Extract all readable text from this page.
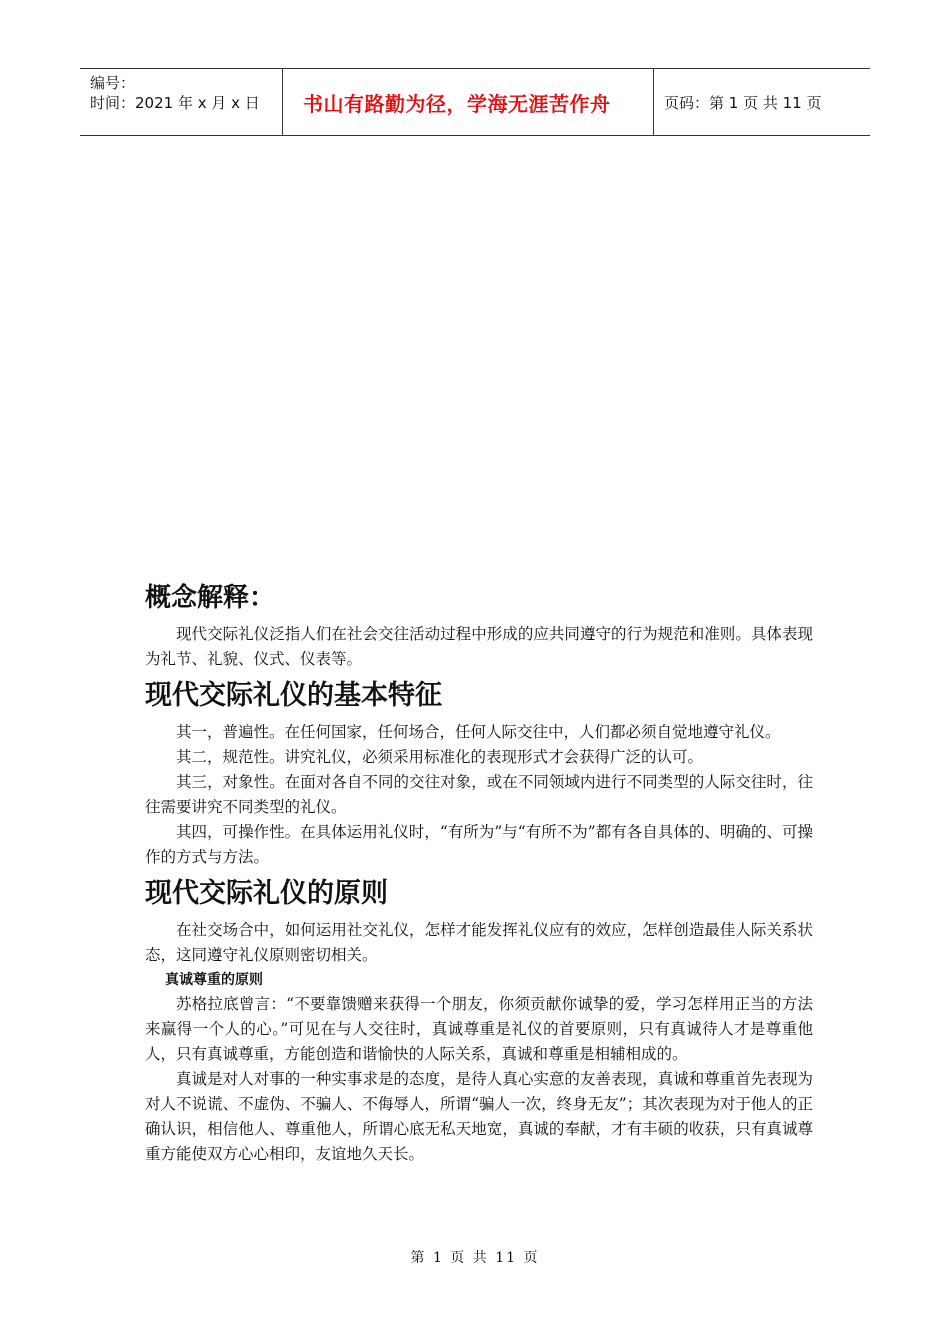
编号：
时间：2021 年 x 月 x 日	书山有路勤为径，学海无涯苦作舟	页码：第 1 页 共 11 页
概念解释：

现代交际礼仪泛指人们在社会交往活动过程中形成的应共同遵守的行为规范和准则。具体表现为礼节、礼貌、仪式、仪表等。

现代交际礼仪的基本特征

其一，普遍性。在任何国家，任何场合，任何人际交往中，人们都必须自觉地遵守礼仪。

其二，规范性。讲究礼仪，必须采用标准化的表现形式才会获得广泛的认可。

其三，对象性。在面对各自不同的交往对象，或在不同领域内进行不同类型的人际交往时，往往需要讲究不同类型的礼仪。

其四，可操作性。在具体运用礼仪时，“有所为”与“有所不为”都有各自具体的、明确的、可操作的方式与方法。

现代交际礼仪的原则

在社交场合中，如何运用社交礼仪，怎样才能发挥礼仪应有的效应，怎样创造最佳人际关系状态，这同遵守礼仪原则密切相关。

真诚尊重的原则

苏格拉底曾言：“不要靠馈赠来获得一个朋友，你须贡献你诚挚的爱，学习怎样用正当的方法来赢得一个人的心。”可见在与人交往时，真诚尊重是礼仪的首要原则，只有真诚待人才是尊重他人，只有真诚尊重，方能创造和谐愉快的人际关系，真诚和尊重是相辅相成的。

真诚是对人对事的一种实事求是的态度，是待人真心实意的友善表现，真诚和尊重首先表现为对人不说谎、不虚伪、不骗人、不侮辱人，所谓“骗人一次，终身无友”；其次表现为对于他人的正确认识，相信他人、尊重他人，所谓心底无私天地宽，真诚的奉献，才有丰硕的收获，只有真诚尊重方能使双方心心相印，友谊地久天长。

第 1 页 共 11 页
